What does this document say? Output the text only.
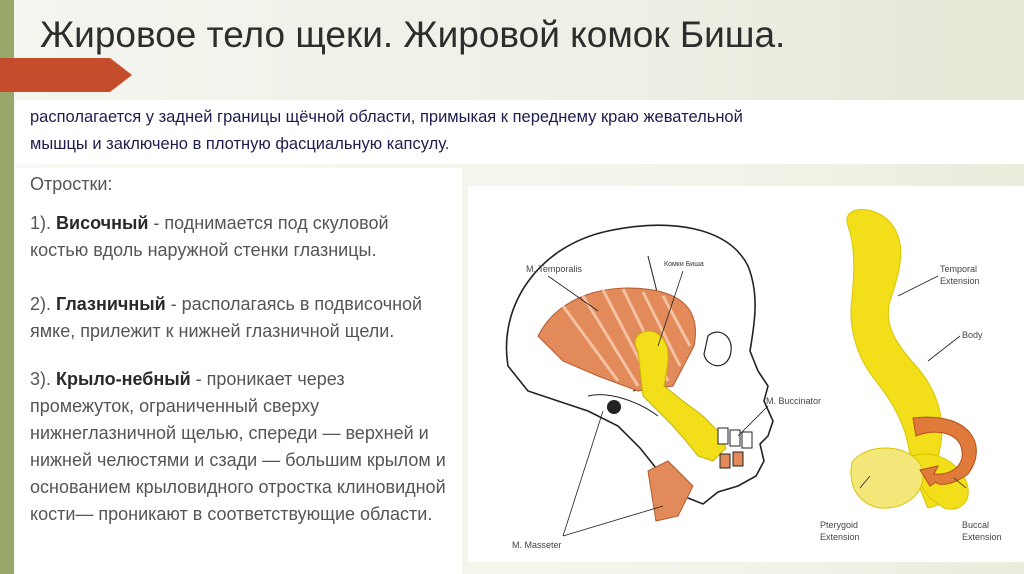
Жировое тело щеки. Жировой комок Биша.
располагается у задней границы щёчной области, примыкая к переднему краю жевательной
мышцы и заключено в плотную фасциальную капсулу.
Отростки:
1). Височный - поднимается под скуловой костью вдоль наружной стенки глазницы.
2). Глазничный - располагаясь в подвисочной ямке, прилежит к нижней глазничной щели.
3). Крыло-небный - проникает через промежуток, ограниченный сверху нижнеглазничной щелью, спереди — верхней и нижней челюстями и сзади — большим крылом и основанием крыловидного отростка клиновидной кости— проникают в соответствующие области.
M. Temporalis	Комки Биша
M. Buccinator
M. Masseter
Temporal
Extension
Body
Pterygoid
Extension
Buccal
Extension
